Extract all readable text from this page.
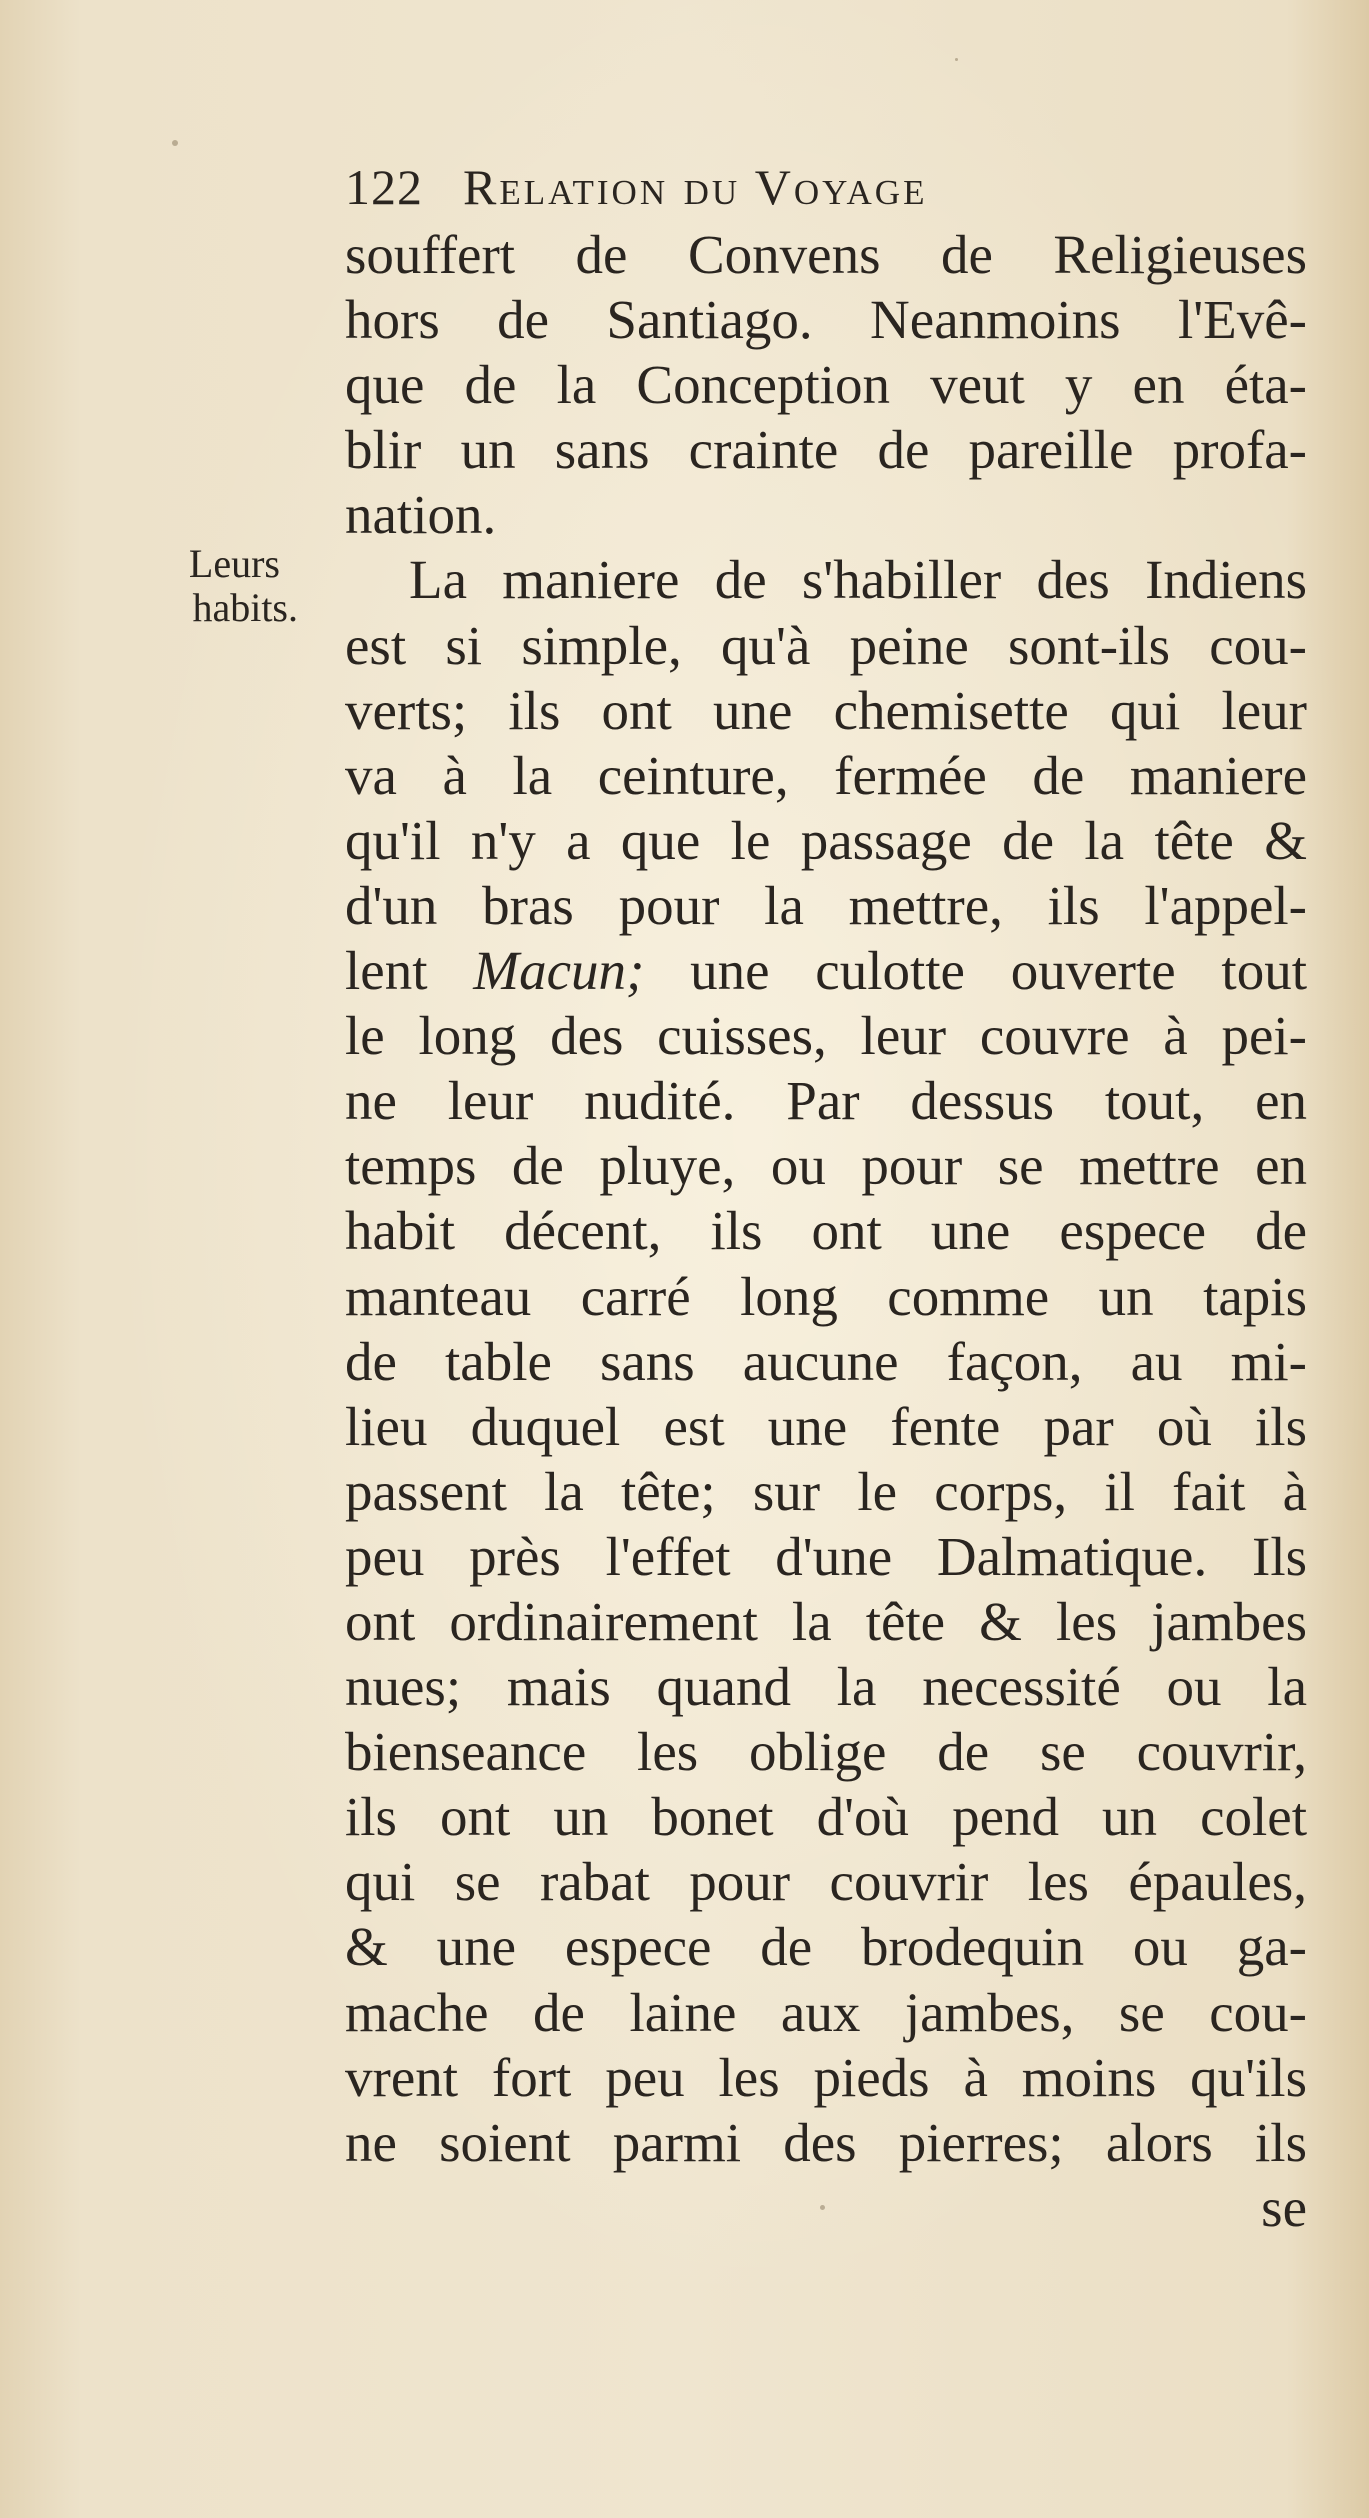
122 Relation du Voyage
Leurs
habits.
souffert de Convens de Religieuses
hors de Santiago. Neanmoins l'Evê-
que de la Conception veut y en éta-
blir un sans crainte de pareille profa-
nation.
La maniere de s'habiller des Indiens
est si simple, qu'à peine sont-ils cou-
verts; ils ont une chemisette qui leur
va à la ceinture, fermée de maniere
qu'il n'y a que le passage de la tête &
d'un bras pour la mettre, ils l'appel-
lent Macun; une culotte ouverte tout
le long des cuisses, leur couvre à pei-
ne leur nudité. Par dessus tout, en
temps de pluye, ou pour se mettre en
habit décent, ils ont une espece de
manteau carré long comme un tapis
de table sans aucune façon, au mi-
lieu duquel est une fente par où ils
passent la tête; sur le corps, il fait à
peu près l'effet d'une Dalmatique. Ils
ont ordinairement la tête & les jambes
nues; mais quand la necessité ou la
bienseance les oblige de se couvrir,
ils ont un bonet d'où pend un colet
qui se rabat pour couvrir les épaules,
& une espece de brodequin ou ga-
mache de laine aux jambes, se cou-
vrent fort peu les pieds à moins qu'ils
ne soient parmi des pierres; alors ils
se
